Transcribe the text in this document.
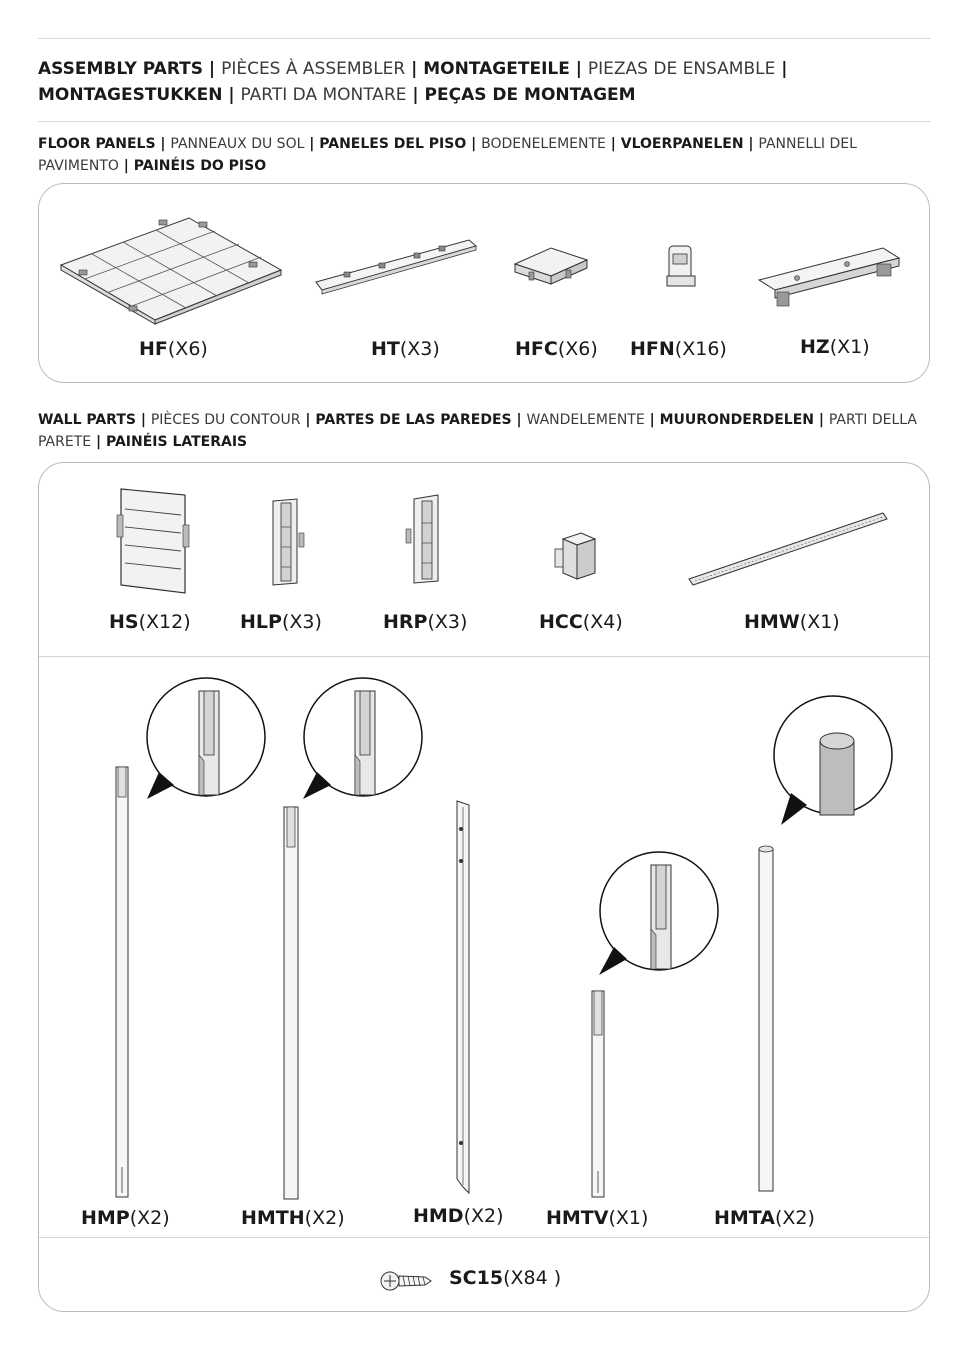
ASSEMBLY PARTS | PIÈCES À ASSEMBLER | MONTAGETEILE | PIEZAS DE ENSAMBLE | MONTAGESTUKKEN | PARTI DA MONTARE | PEÇAS DE MONTAGEM
FLOOR PANELS | PANNEAUX DU SOL | PANELES DEL PISO | BODENELEMENTE | VLOERPANELEN | PANNELLI DEL PAVIMENTO | PAINÉIS DO PISO
HF(X6)	HT(X3)	HFC(X6) HFN(X16)	HZ(X1)
WALL PARTS | PIÈCES DU CONTOUR | PARTES DE LAS PAREDES | WANDELEMENTE | MUURONDERDELEN | PARTI DELLA PARETE | PAINÉIS LATERAIS
HS(X12)	HLP(X3)	HRP(X3)	HCC(X4)	HMW(X1)
HMP(X2)	HMTH(X2)	HMD(X2) HMTV(X1)	HMTA(X2)
SC15(X84 )
